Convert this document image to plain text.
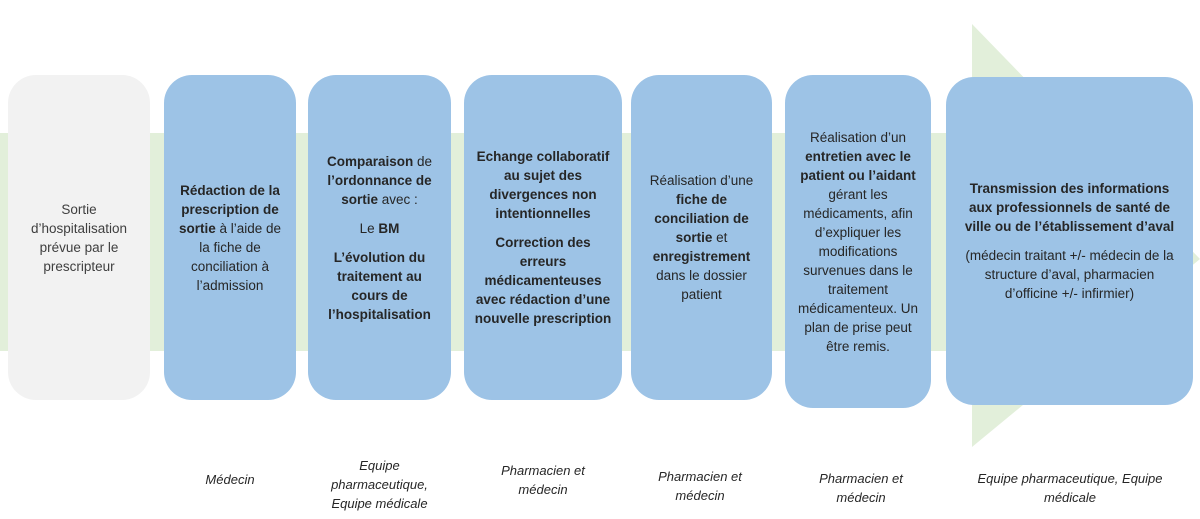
Sortie d’hospitalisation prévue par le prescripteur

Rédaction de la prescription de sortie à l’aide de la fiche de conciliation à l’admission

Comparaison de l’ordonnance de sortie avec :

Le BM

L’évolution du traitement au cours de l’hospitalisation

Echange collaboratif au sujet des divergences non intentionnelles

Correction des erreurs médicamenteuses avec rédaction d’une nouvelle prescription

Réalisation d’une fiche de conciliation de sortie et enregistrement dans le dossier patient

Réalisation d’un entretien avec le patient ou l’aidant gérant les médicaments, afin d’expliquer les modifications survenues dans le traitement médicamenteux. Un plan de prise peut être remis.

Transmission des informations aux professionnels de santé de ville ou de l’établissement d’aval

(médecin traitant +/- médecin de la structure d’aval, pharmacien d’officine +/- infirmier)

Médecin
Equipe pharmaceutique, Equipe médicale
Pharmacien et médecin
Pharmacien et médecin
Pharmacien et médecin
Equipe pharmaceutique, Equipe médicale
